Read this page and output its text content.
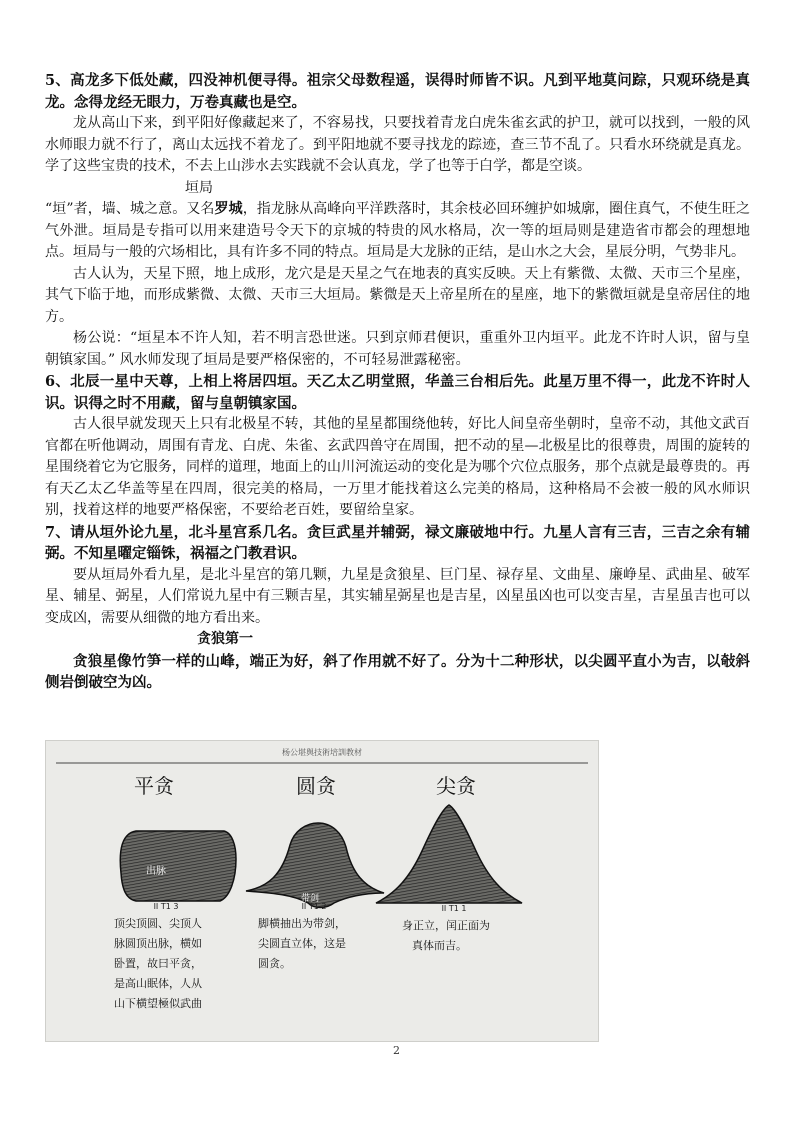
5、高龙多下低处藏，四没神机便寻得。祖宗父母数程遥，误得时师皆不识。凡到平地莫问踪，只观环绕是真龙。念得龙经无眼力，万卷真藏也是空。

龙从高山下来，到平阳好像藏起来了，不容易找，只要找着青龙白虎朱雀玄武的护卫，就可以找到，一般的风水师眼力就不行了，离山太远找不着龙了。到平阳地就不要寻找龙的踪迹，查三节不乱了。只看水环绕就是真龙。学了这些宝贵的技术，不去上山涉水去实践就不会认真龙，学了也等于白学，都是空谈。

垣局

“垣”者，墙、城之意。又名罗城，指龙脉从高峰向平洋跌落时，其余枝必回环缠护如城廓，圈住真气，不使生旺之气外泄。垣局是专指可以用来建造号令天下的京城的特贵的风水格局，次一等的垣局则是建造省市都会的理想地点。垣局与一般的穴场相比，具有许多不同的特点。垣局是大龙脉的正结，是山水之大会，星辰分明，气势非凡。

古人认为，天星下照，地上成形，龙穴是是天星之气在地表的真实反映。天上有紫微、太微、天市三个星座，其气下临于地，而形成紫微、太微、天市三大垣局。紫微是天上帝星所在的星座，地下的紫微垣就是皇帝居住的地方。

杨公说：“垣星本不许人知，若不明言恐世迷。只到京师君便识，重重外卫内垣平。此龙不许时人识，留与皇朝镇家国。” 风水师发现了垣局是要严格保密的，不可轻易泄露秘密。

6、北辰一星中天尊，上相上将居四垣。天乙太乙明堂照，华盖三台相后先。此星万里不得一，此龙不许时人识。识得之时不用藏，留与皇朝镇家国。

古人很早就发现天上只有北极星不转，其他的星星都围绕他转，好比人间皇帝坐朝时，皇帝不动，其他文武百官都在听他调动，周围有青龙、白虎、朱雀、玄武四兽守在周围，把不动的星—北极星比的很尊贵，周围的旋转的星围绕着它为它服务，同样的道理，地面上的山川河流运动的变化是为哪个穴位点服务，那个点就是最尊贵的。再有天乙太乙华盖等星在四周，很完美的格局，一万里才能找着这么完美的格局，这种格局不会被一般的风水师识别，找着这样的地要严格保密，不要给老百姓，要留给皇家。

7、请从垣外论九星，北斗星宫系几名。贪巨武星并辅弼，禄文廉破地中行。九星人言有三吉，三吉之余有辅弼。不知星曜定锱铢，祸福之门教君识。

要从垣局外看九星，是北斗星宫的第几颗，九星是贪狼星、巨门星、禄存星、文曲星、廉峥星、武曲星、破军星、辅星、弼星，人们常说九星中有三颗吉星，其实辅星弼星也是吉星，凶星虽凶也可以变吉星，吉星虽吉也可以变成凶，需要从细微的地方看出来。

贪狼第一

贪狼星像竹笋一样的山峰，端正为好，斜了作用就不好了。分为十二种形状，以尖圆平直小为吉，以敧斜侧岩倒破空为凶。

杨公堪舆技術培訓教材
平贪
出脉
II T1 3
顶尖顶圆、尖顶人
脉圆顶出脉，横如
卧置，故曰平贪，
是高山眠体，人从
山下横望極似武曲
圆贪
带剑
II T1 2
脚横抽出为带剑，
尖圆直立体，这是
圆贪。
尖贪
II T1 1
身正立，闰正面为
真体而吉。
2
